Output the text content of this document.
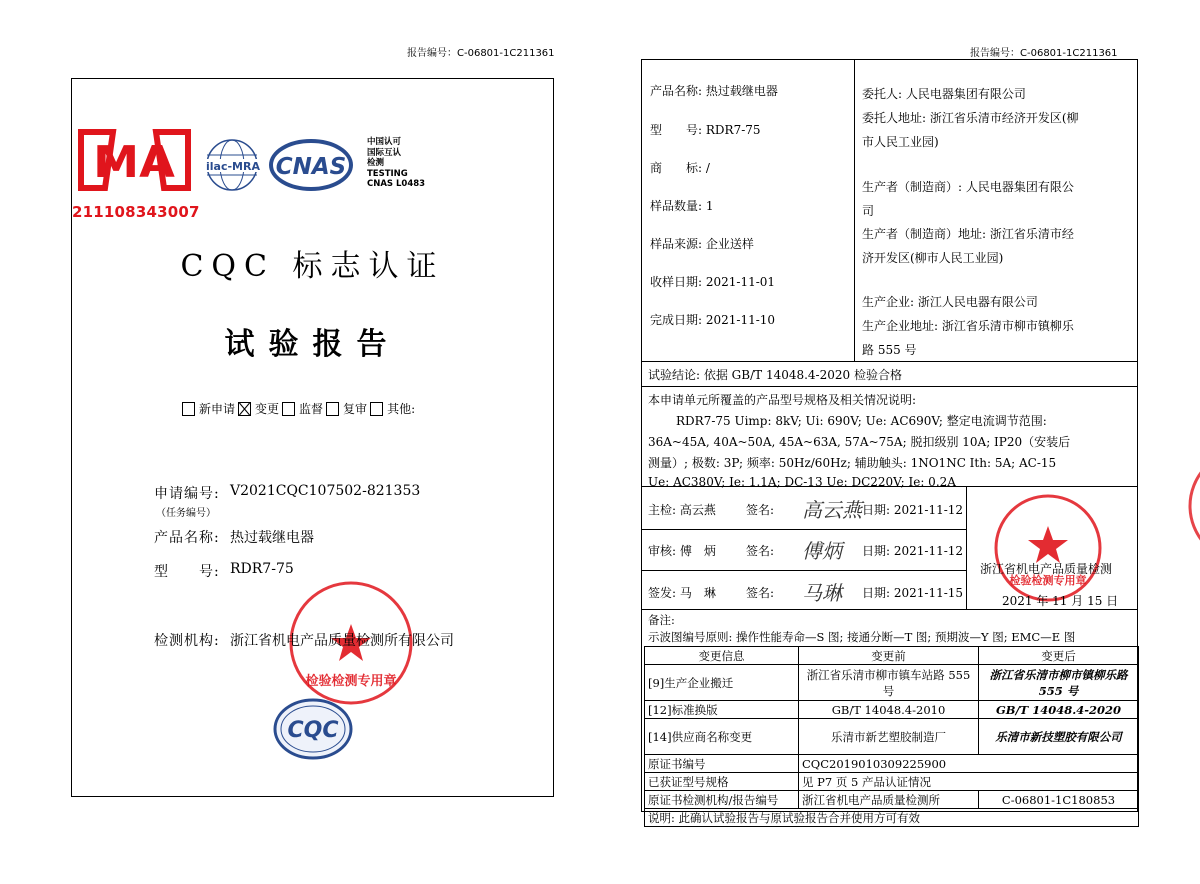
报告编号：C-06801-1C211361	报告编号：C-06801-1C211361
MA
211108343007
ilac-MRA CNAS
中国认可
国际互认
检测
TESTING
CNAS L0483
CQC 标志认证
试验报告
新申请 变更 监督 复审 其他:
申请编号: V2021CQC107502-821353
（任务编号）
产品名称: 热过载继电器
型　　号: RDR7-75
检验检测专用章
检测机构: 浙江省机电产品质量检测所有限公司
CQC
产品名称: 热过载继电器
型　　号: RDR7-75
商　　标: /
样品数量: 1
样品来源: 企业送样
收样日期: 2021-11-01
完成日期: 2021-11-10
委托人: 人民电器集团有限公司
委托人地址: 浙江省乐清市经济开发区(柳
市人民工业园)
生产者（制造商）: 人民电器集团有限公
司
生产者（制造商）地址: 浙江省乐清市经
济开发区(柳市人民工业园)
生产企业: 浙江人民电器有限公司
生产企业地址: 浙江省乐清市柳市镇柳乐
路 555 号
试验结论: 依据 GB/T 14048.4-2020 检验合格
本申请单元所覆盖的产品型号规格及相关情况说明:
RDR7-75 Uimp: 8kV; Ui: 690V; Ue: AC690V; 整定电流调节范围:
36A~45A, 40A~50A, 45A~63A, 57A~75A; 脱扣级别 10A; IP20（安装后
测量）; 极数: 3P; 频率: 50Hz/60Hz; 辅助触头: 1NO1NC Ith: 5A; AC-15
Ue: AC380V; Ie: 1.1A; DC-13 Ue: DC220V; Ie: 0.2A
主检: 高云燕	签名: 高云燕 日期: 2021-11-12
审核: 傅　炳	签名: 傅炳 日期: 2021-11-12
签发: 马　琳	签名: 马琳 日期: 2021-11-15
检验检测专用章
浙江省机电产品质量检测
2021 年 11 月 15 日
备注:
示波图编号原则: 操作性能寿命—S 图; 接通分断—T 图; 预期波—Y 图; EMC—E 图
变更信息	变更前	变更后
[9]生产企业搬迁	浙江省乐清市柳市镇车站路 555 号	浙江省乐清市柳市镇柳乐路 555 号
[12]标准换版	GB/T 14048.4-2010	GB/T 14048.4-2020
[14]供应商名称变更	乐清市新艺塑胶制造厂	乐清市新技塑胶有限公司
原证书编号	CQC2019010309225900	
已获证型号规格	见 P7 页 5 产品认证情况	
原证书检测机构/报告编号	浙江省机电产品质量检测所	C-06801-1C180853
说明: 此确认试验报告与原试验报告合并使用方可有效		
